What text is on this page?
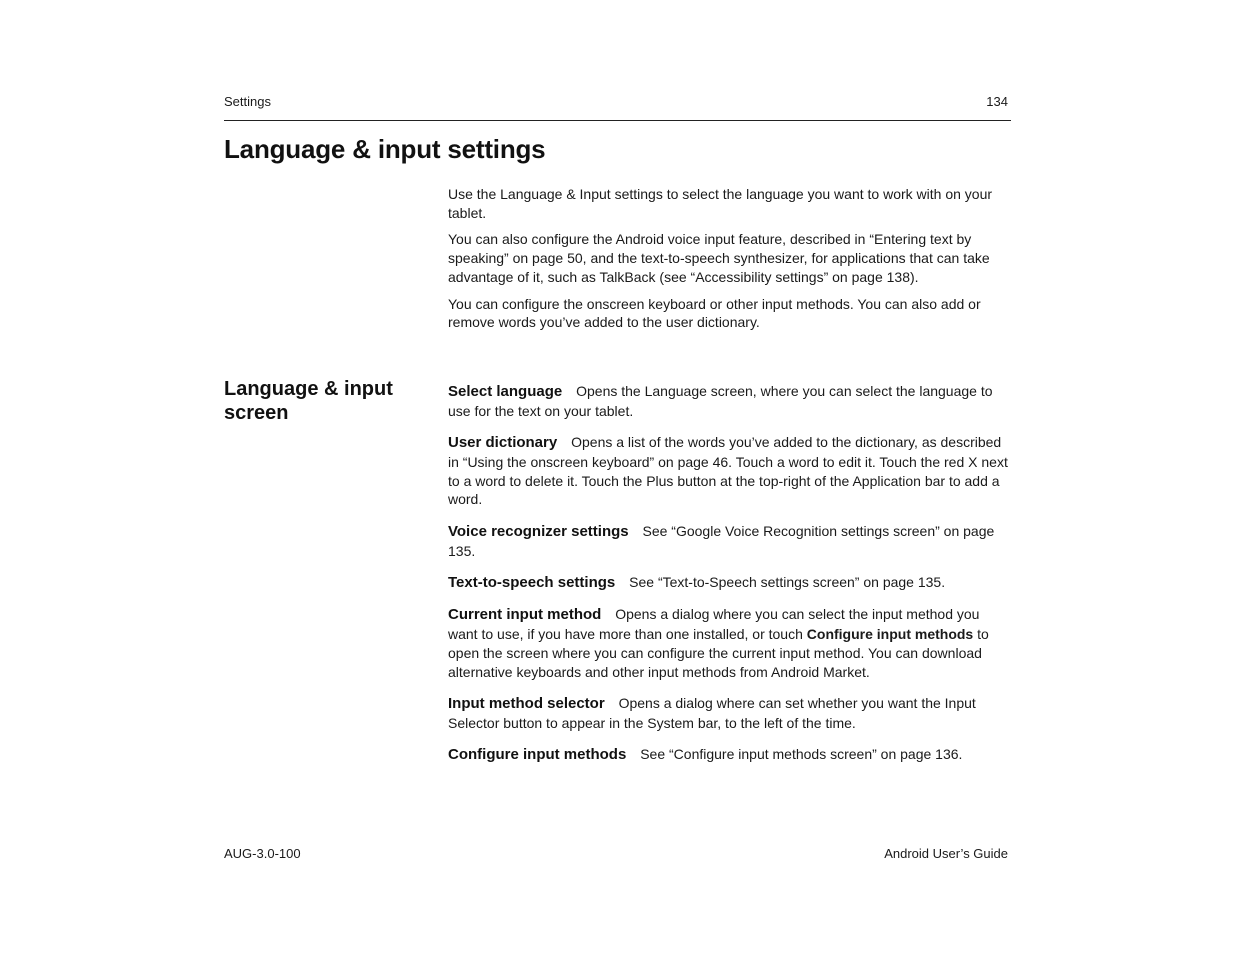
Settings	134
Language & input settings

Use the Language & Input settings to select the language you want to work with on your tablet.

You can also configure the Android voice input feature, described in “Entering text by speaking” on page 50, and the text-to-speech synthesizer, for applications that can take advantage of it, such as TalkBack (see “Accessibility settings” on page 138).

You can configure the onscreen keyboard or other input methods. You can also add or remove words you’ve added to the user dictionary.

Language & input screen

Select language Opens the Language screen, where you can select the language to use for the text on your tablet.

User dictionary Opens a list of the words you’ve added to the dictionary, as described in “Using the onscreen keyboard” on page 46. Touch a word to edit it. Touch the red X next to a word to delete it. Touch the Plus button at the top-right of the Application bar to add a word.

Voice recognizer settings See “Google Voice Recognition settings screen” on page 135.

Text-to-speech settings See “Text-to-Speech settings screen” on page 135.

Current input method Opens a dialog where you can select the input method you want to use, if you have more than one installed, or touch Configure input methods to open the screen where you can configure the current input method. You can download alternative keyboards and other input methods from Android Market.

Input method selector Opens a dialog where can set whether you want the Input Selector button to appear in the System bar, to the left of the time.

Configure input methods See “Configure input methods screen” on page 136.

AUG-3.0-100	Android User’s Guide
